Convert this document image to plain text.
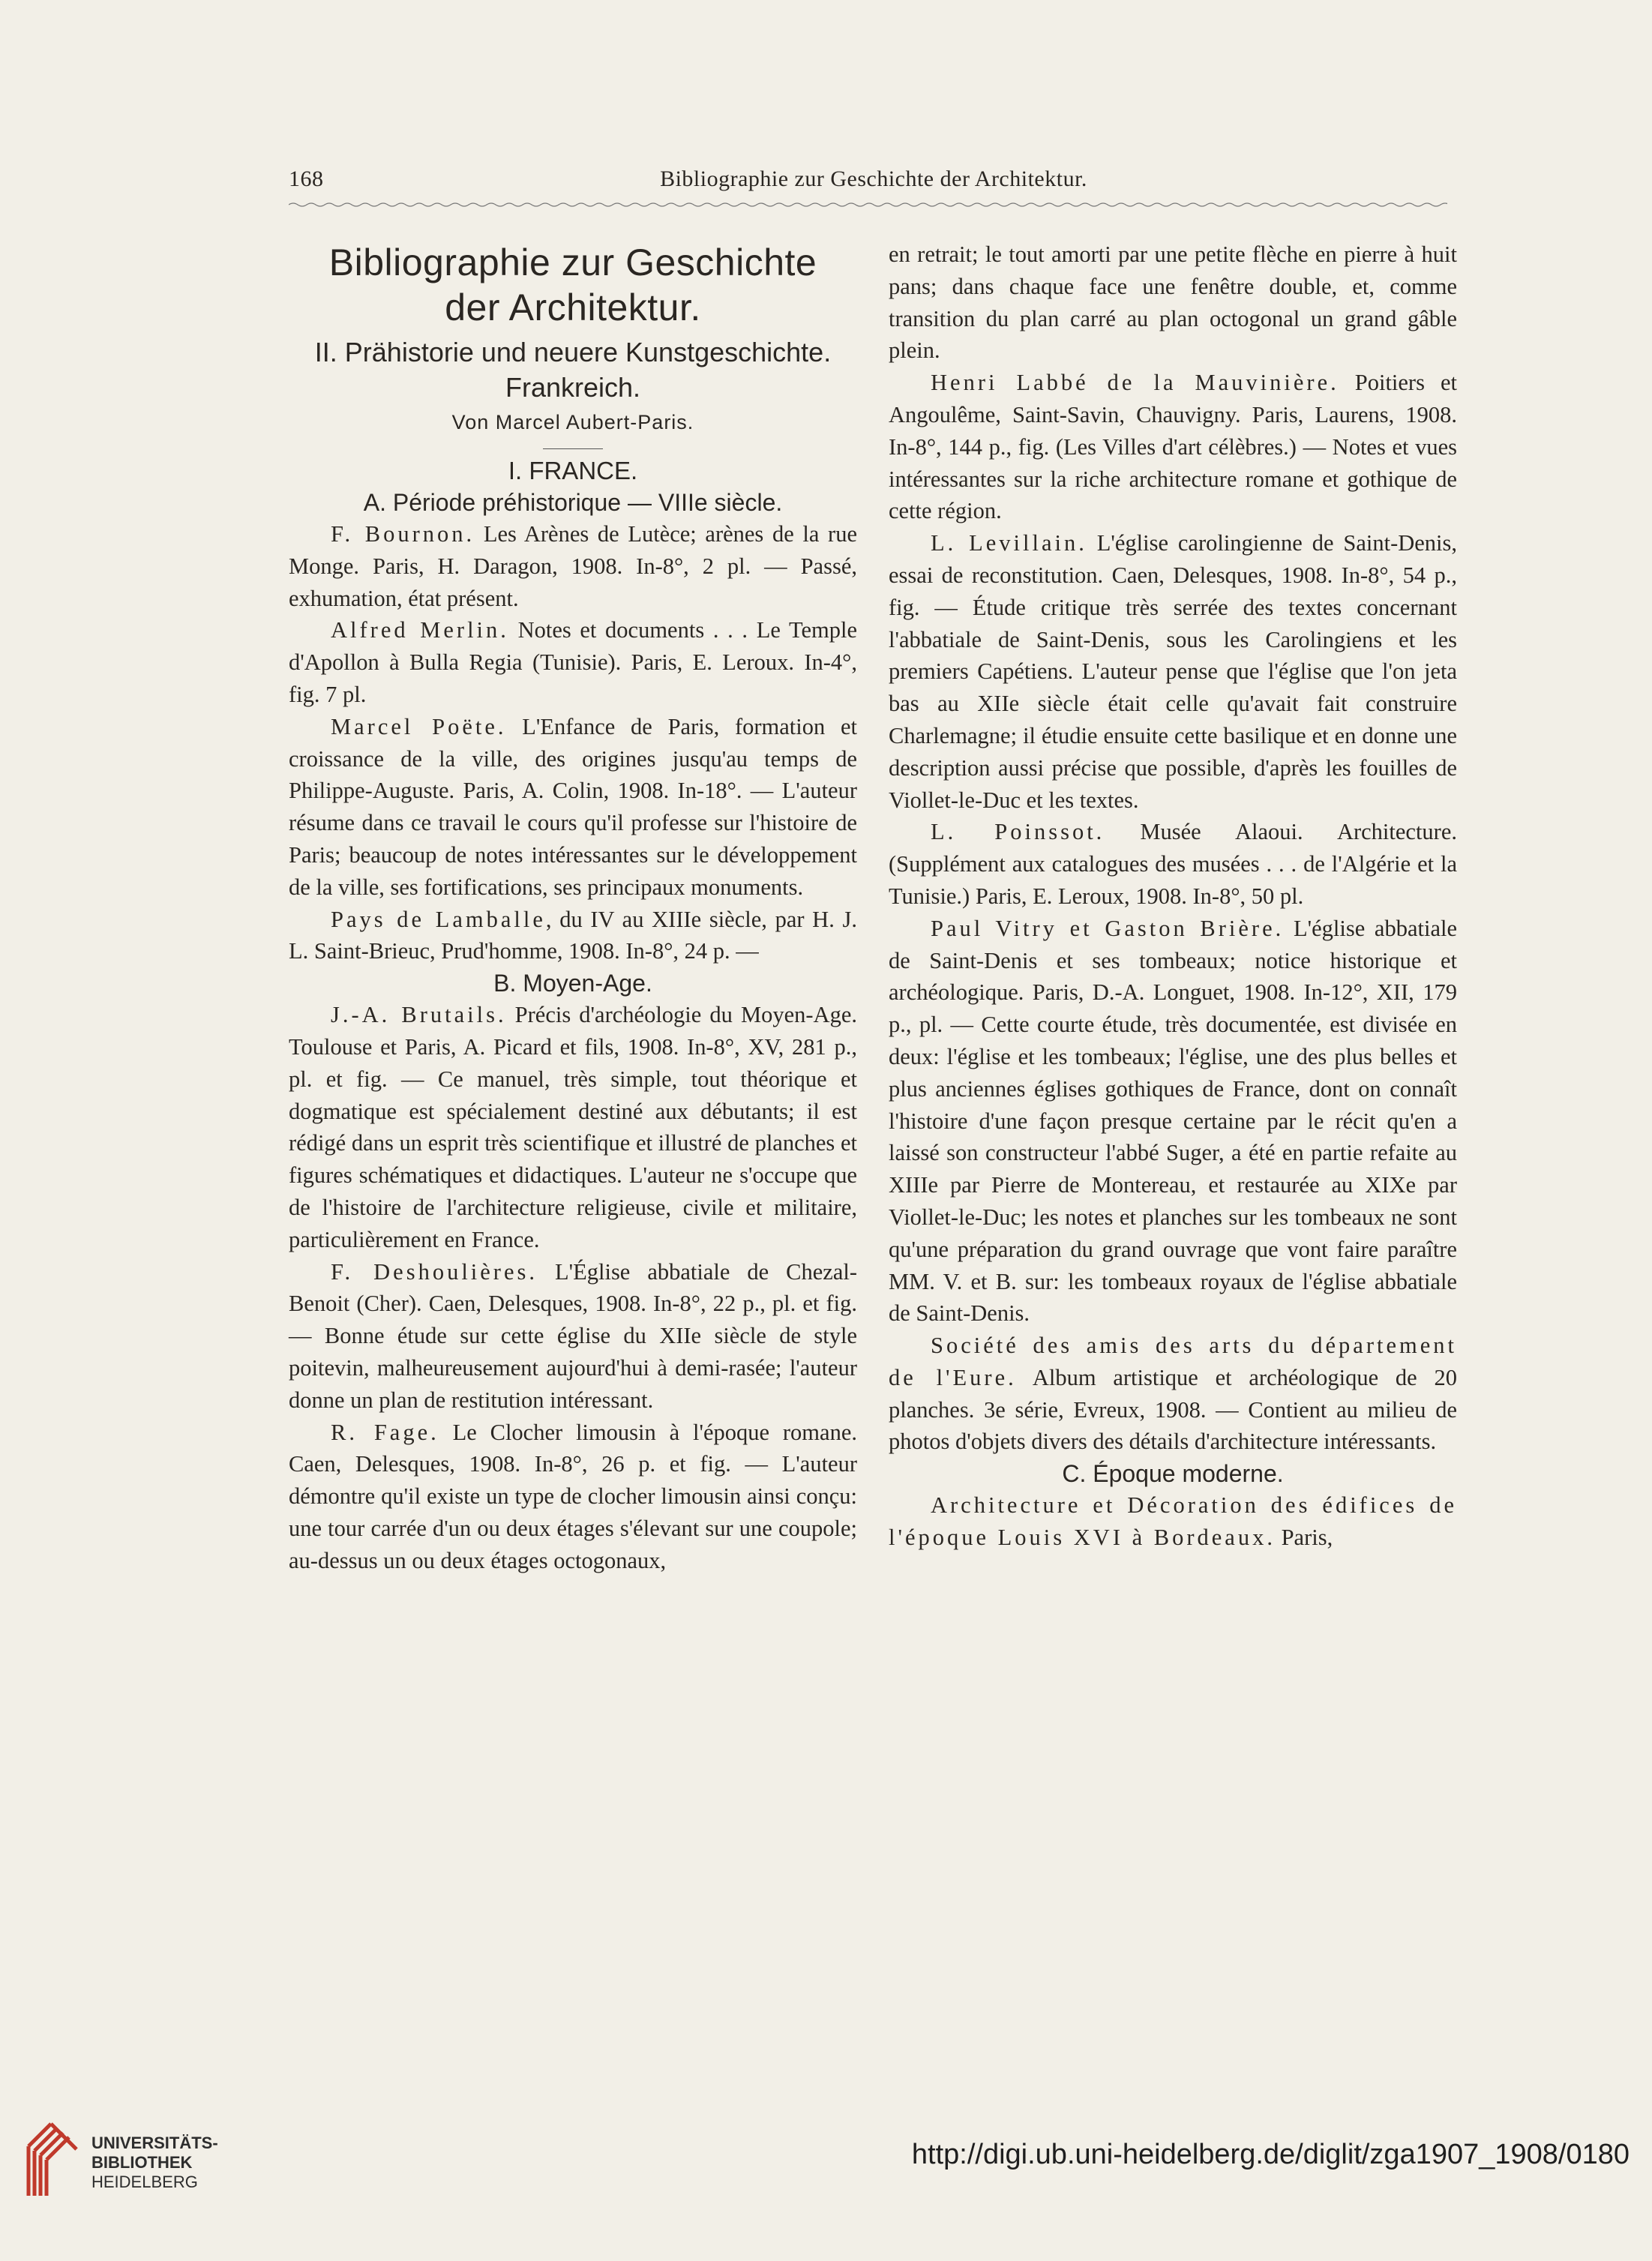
168	Bibliographie zur Geschichte der Architektur.
Bibliographie zur Geschichte
der Architektur.
II. Prähistorie und neuere Kunstgeschichte.
Frankreich.
Von Marcel Aubert-Paris.
I. FRANCE.
A. Période préhistorique — VIIIe siècle.

F. Bournon. Les Arènes de Lutèce; arènes de la rue Monge. Paris, H. Daragon, 1908. In-8°, 2 pl. — Passé, exhumation, état présent.

Alfred Merlin. Notes et documents . . . Le Temple d'Apollon à Bulla Regia (Tunisie). Paris, E. Leroux. In-4°, fig. 7 pl.

Marcel Poëte. L'Enfance de Paris, formation et croissance de la ville, des origines jusqu'au temps de Philippe-Auguste. Paris, A. Colin, 1908. In-18°. — L'auteur résume dans ce travail le cours qu'il professe sur l'histoire de Paris; beaucoup de notes intéressantes sur le développement de la ville, ses fortifications, ses principaux monuments.

Pays de Lamballe, du IV au XIIIe siècle, par H. J. L. Saint-Brieuc, Prud'homme, 1908. In-8°, 24 p. —

B. Moyen-Age.

J.-A. Brutails. Précis d'archéologie du Moyen-Age. Toulouse et Paris, A. Picard et fils, 1908. In-8°, XV, 281 p., pl. et fig. — Ce manuel, très simple, tout théorique et dogmatique est spécialement destiné aux débutants; il est rédigé dans un esprit très scientifique et illustré de planches et figures schématiques et didactiques. L'auteur ne s'occupe que de l'histoire de l'architecture religieuse, civile et militaire, particulièrement en France.

F. Deshoulières. L'Église abbatiale de Chezal-Benoit (Cher). Caen, Delesques, 1908. In-8°, 22 p., pl. et fig. — Bonne étude sur cette église du XIIe siècle de style poitevin, malheureusement aujourd'hui à demi-rasée; l'auteur donne un plan de restitution intéressant.

R. Fage. Le Clocher limousin à l'époque romane. Caen, Delesques, 1908. In-8°, 26 p. et fig. — L'auteur démontre qu'il existe un type de clocher limousin ainsi conçu: une tour carrée d'un ou deux étages s'élevant sur une coupole; au-dessus un ou deux étages octogonaux,

en retrait; le tout amorti par une petite flèche en pierre à huit pans; dans chaque face une fenêtre double, et, comme transition du plan carré au plan octogonal un grand gâble plein.

Henri Labbé de la Mauvinière. Poitiers et Angoulême, Saint-Savin, Chauvigny. Paris, Laurens, 1908. In-8°, 144 p., fig. (Les Villes d'art célèbres.) — Notes et vues intéressantes sur la riche architecture romane et gothique de cette région.

L. Levillain. L'église carolingienne de Saint-Denis, essai de reconstitution. Caen, Delesques, 1908. In-8°, 54 p., fig. — Étude critique très serrée des textes concernant l'abbatiale de Saint-Denis, sous les Carolingiens et les premiers Capétiens. L'auteur pense que l'église que l'on jeta bas au XIIe siècle était celle qu'avait fait construire Charlemagne; il étudie ensuite cette basilique et en donne une description aussi précise que possible, d'après les fouilles de Viollet-le-Duc et les textes.

L. Poinssot. Musée Alaoui. Architecture. (Supplément aux catalogues des musées . . . de l'Algérie et la Tunisie.) Paris, E. Leroux, 1908. In-8°, 50 pl.

Paul Vitry et Gaston Brière. L'église abbatiale de Saint-Denis et ses tombeaux; notice historique et archéologique. Paris, D.-A. Longuet, 1908. In-12°, XII, 179 p., pl. — Cette courte étude, très documentée, est divisée en deux: l'église et les tombeaux; l'église, une des plus belles et plus anciennes églises gothiques de France, dont on connaît l'histoire d'une façon presque certaine par le récit qu'en a laissé son constructeur l'abbé Suger, a été en partie refaite au XIIIe par Pierre de Montereau, et restaurée au XIXe par Viollet-le-Duc; les notes et planches sur les tombeaux ne sont qu'une préparation du grand ouvrage que vont faire paraître MM. V. et B. sur: les tombeaux royaux de l'église abbatiale de Saint-Denis.

Société des amis des arts du département de l'Eure. Album artistique et archéologique de 20 planches. 3e série, Evreux, 1908. — Contient au milieu de photos d'objets divers des détails d'architecture intéressants.

C. Époque moderne.

Architecture et Décoration des édifices de l'époque Louis XVI à Bordeaux. Paris,

UNIVERSITÄTS-
BIBLIOTHEK
HEIDELBERG
http://digi.ub.uni-heidelberg.de/diglit/zga1907_1908/0180
